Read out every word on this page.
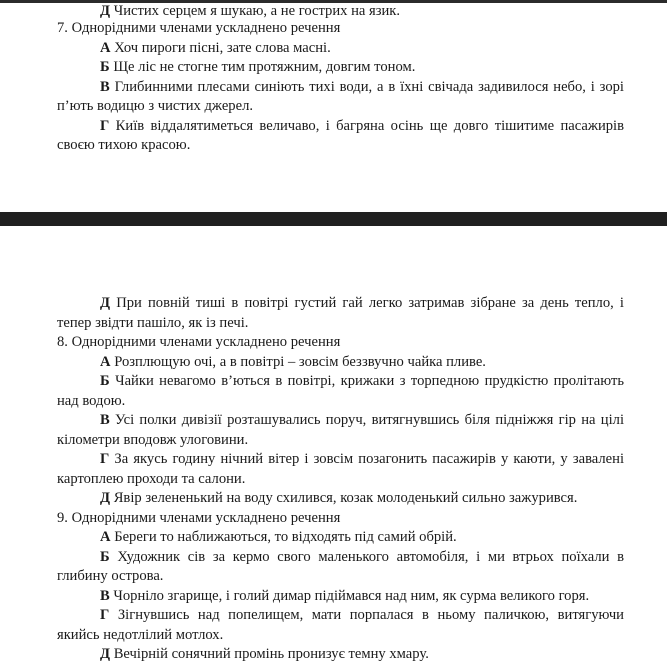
Д Чистих серцем я шукаю, а не гострих на язик.

7. Однорідними членами ускладнено речення

А Хоч пироги пісні, зате слова масні.

Б Ще ліс не стогне тим протяжним, довгим тоном.

В Глибинними плесами синіють тихі води, а в їхні свічада задивилося небо, і зорі п’ють водицю з чистих джерел.

Г Київ віддалятиметься величаво, і багряна осінь ще довго тішитиме пасажирів своєю тихою красою.

Д При повній тиші в повітрі густий гай легко затримав зібране за день тепло, і тепер звідти пашіло, як із печі.

8. Однорідними членами ускладнено речення

А Розплющую очі, а в повітрі – зовсім беззвучно чайка пливе.

Б Чайки невагомо в’ються в повітрі, крижаки з торпедною прудкістю пролітають над водою.

В Усі полки дивізії розташувались поруч, витягнувшись біля підніжжя гір на цілі кілометри вподовж улоговини.

Г За якусь годину нічний вітер і зовсім позагонить пасажирів у каюти, у завалені картоплею проходи та салони.

Д Явір зелененький на воду схилився, козак молоденький сильно зажурився.

9. Однорідними членами ускладнено речення

А Береги то наближаються, то відходять під самий обрій.

Б Художник сів за кермо свого маленького автомобіля, і ми втрьох поїхали в глибину острова.

В Чорніло згарище, і голий димар підіймався над ним, як сурма великого горя.

Г Зігнувшись над попелищем, мати порпалася в ньому паличкою, витягуючи якийсь недотлілий мотлох.

Д Вечірній сонячний промінь пронизує темну хмару.
